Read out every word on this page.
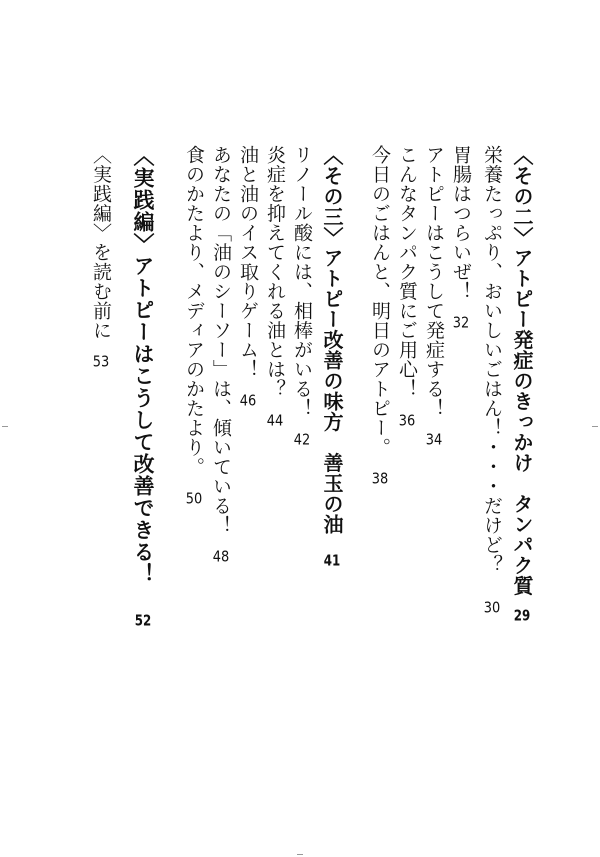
〈その二〉アトピー発症のきっかけ　タンパク質29
栄養たっぷり、おいしいごはん！・・・だけど？
30
胃腸はつらいぜ！32
アトピーはこうして発症する！34
こんなタンパク質にご用心！36
今日のごはんと、明日のアトピー。38
〈その三〉アトピー改善の味方　善玉の油41
リノール酸には、相棒がいる！42
炎症を抑えてくれる油とは？44
油と油のイス取りゲーム！46
あなたの「油のシーソー」は、傾いている！48
食のかたより、メディアのかたより。50
〈実践編〉アトピーはこうして改善できる！52
〈実践編〉を読む前に53
